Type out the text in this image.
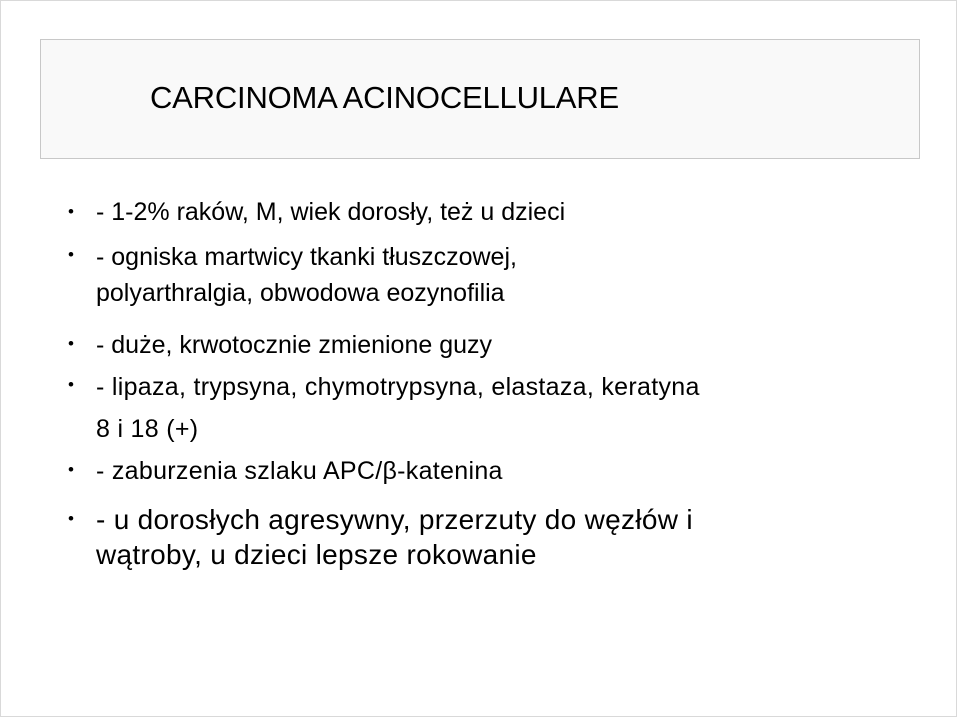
CARCINOMA ACINOCELLULARE
• - 1-2% raków, M, wiek dorosły, też u dzieci
• - ogniska martwicy tkanki tłuszczowej,
polyarthralgia, obwodowa eozynofilia
• - duże, krwotocznie zmienione guzy
• - lipaza, trypsyna, chymotrypsyna, elastaza, keratyna
8 i 18 (+)
• - zaburzenia szlaku APC/β-katenina
• - u dorosłych agresywny, przerzuty do węzłów i
wątroby, u dzieci lepsze rokowanie
